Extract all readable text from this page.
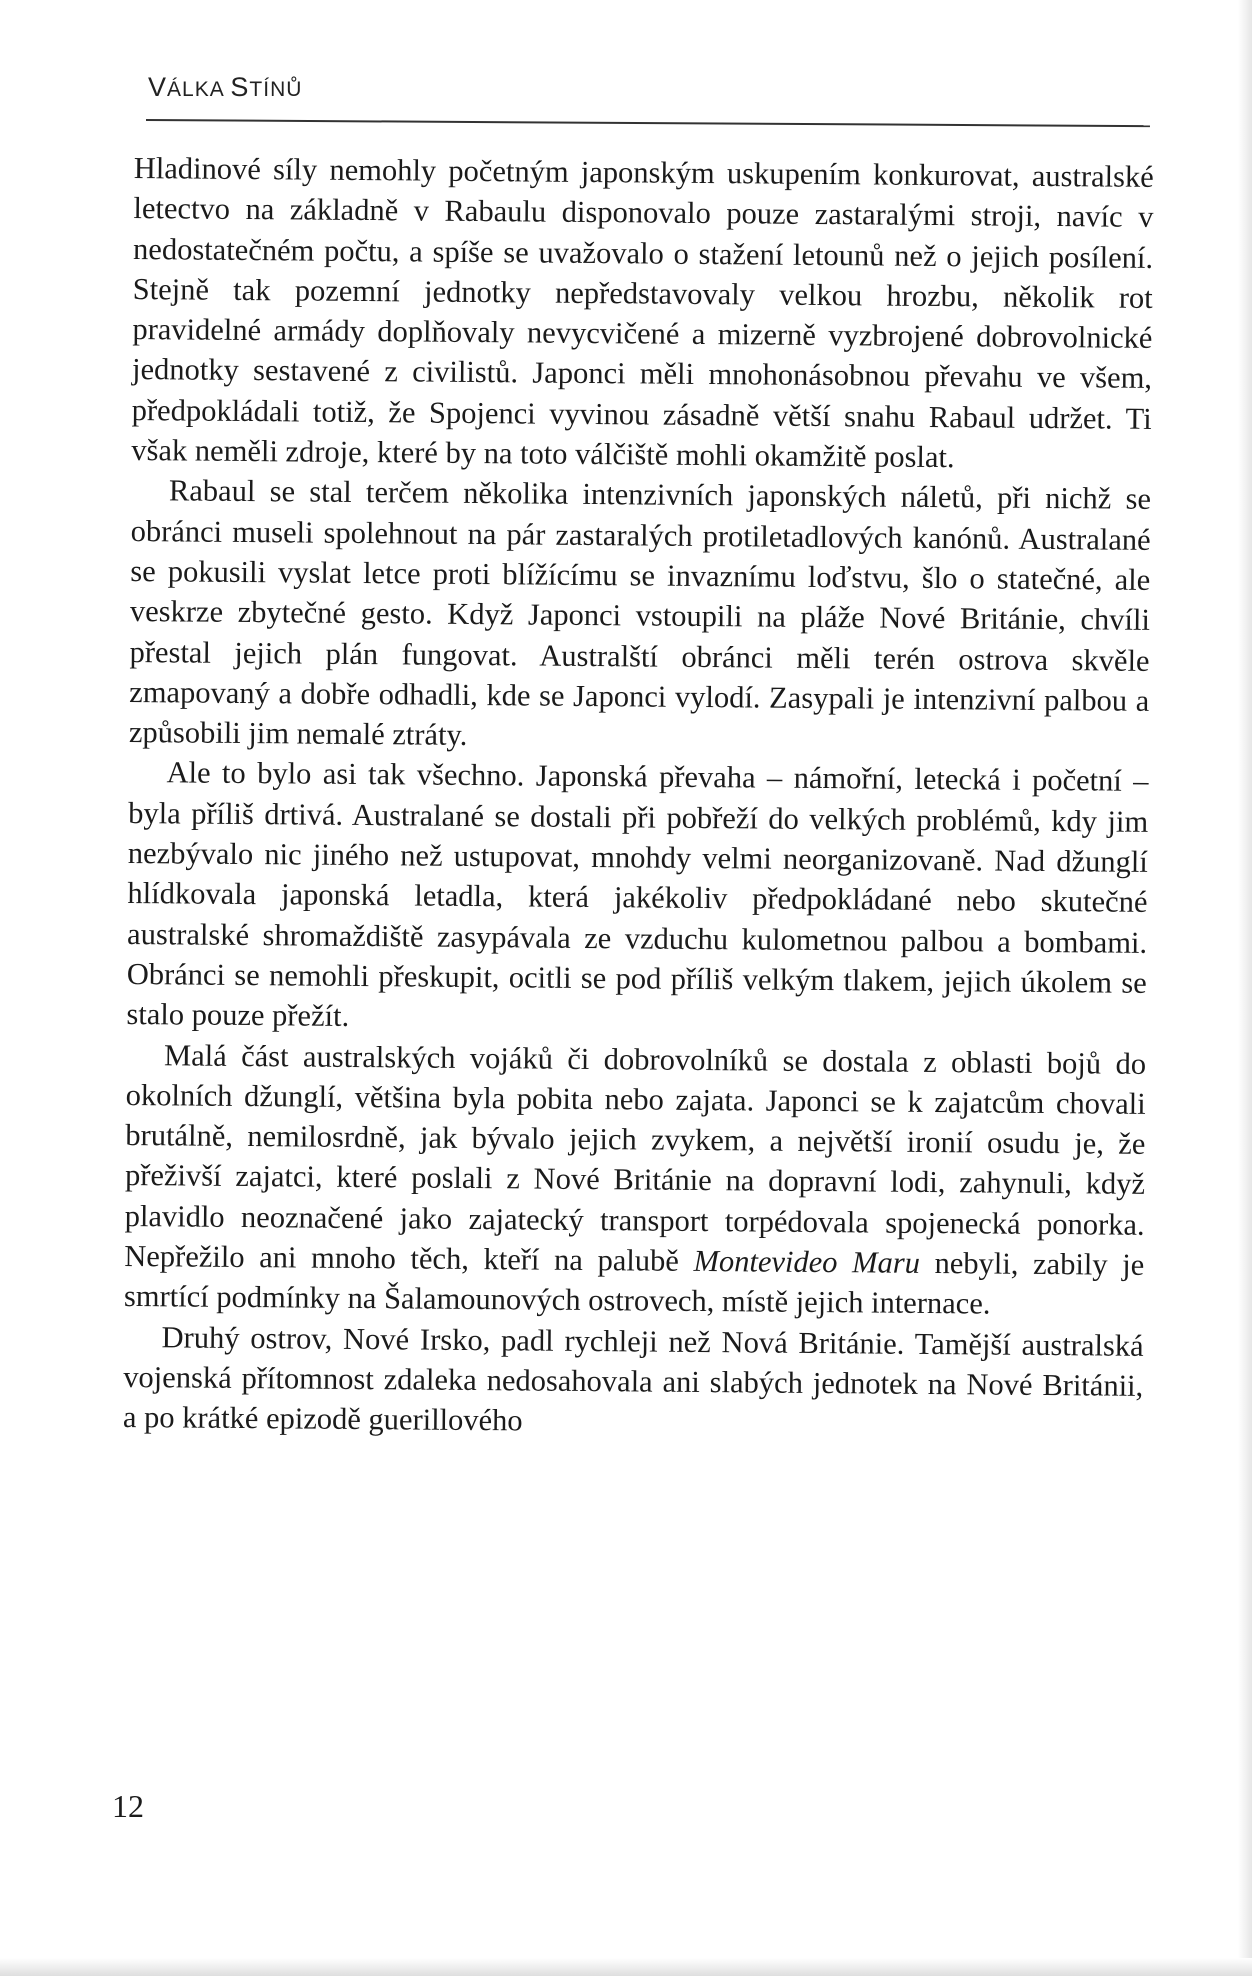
VÁLKA STÍNŮ

Hladinové síly nemohly početným japonským uskupením konkurovat, australské letectvo na základně v Rabaulu disponovalo pouze zastaralými stroji, navíc v nedostatečném počtu, a spíše se uvažovalo o stažení letounů než o jejich posílení. Stejně tak pozemní jednotky nepředstavovaly velkou hrozbu, několik rot pravidelné armády doplňovaly nevycvičené a mizerně vyzbrojené dobrovolnické jednotky sestavené z civilistů. Japonci měli mnohonásobnou převahu ve všem, předpokládali totiž, že Spojenci vyvinou zásadně větší snahu Rabaul udržet. Ti však neměli zdroje, které by na toto válčiště mohli okamžitě poslat.

Rabaul se stal terčem několika intenzivních japonských náletů, při nichž se obránci museli spolehnout na pár zastaralých protiletadlových kanónů. Australané se pokusili vyslat letce proti blížícímu se invaznímu loďstvu, šlo o statečné, ale veskrze zbytečné gesto. Když Japonci vstoupili na pláže Nové Británie, chvíli přestal jejich plán fungovat. Australští obránci měli terén ostrova skvěle zmapovaný a dobře odhadli, kde se Japonci vylodí. Zasypali je intenzivní palbou a způsobili jim nemalé ztráty.

Ale to bylo asi tak všechno. Japonská převaha – námořní, letecká i početní – byla příliš drtivá. Australané se dostali při pobřeží do velkých problémů, kdy jim nezbývalo nic jiného než ustupovat, mnohdy velmi neorganizovaně. Nad džunglí hlídkovala japonská letadla, která jakékoliv předpokládané nebo skutečné australské shromaždiště zasypávala ze vzduchu kulometnou palbou a bombami. Obránci se nemohli přeskupit, ocitli se pod příliš velkým tlakem, jejich úkolem se stalo pouze přežít.

Malá část australských vojáků či dobrovolníků se dostala z oblasti bojů do okolních džunglí, většina byla pobita nebo zajata. Japonci se k zajatcům chovali brutálně, nemilosrdně, jak bývalo jejich zvykem, a největší ironií osudu je, že přeživší zajatci, které poslali z Nové Británie na dopravní lodi, zahynuli, když plavidlo neoznačené jako zajatecký transport torpédovala spojenecká ponorka. Nepřežilo ani mnoho těch, kteří na palubě Montevideo Maru nebyli, zabily je smrtící podmínky na Šalamounových ostrovech, místě jejich internace.

Druhý ostrov, Nové Irsko, padl rychleji než Nová Británie. Tamější australská vojenská přítomnost zdaleka nedosahovala ani slabých jednotek na Nové Británii, a po krátké epizodě guerillového

12
